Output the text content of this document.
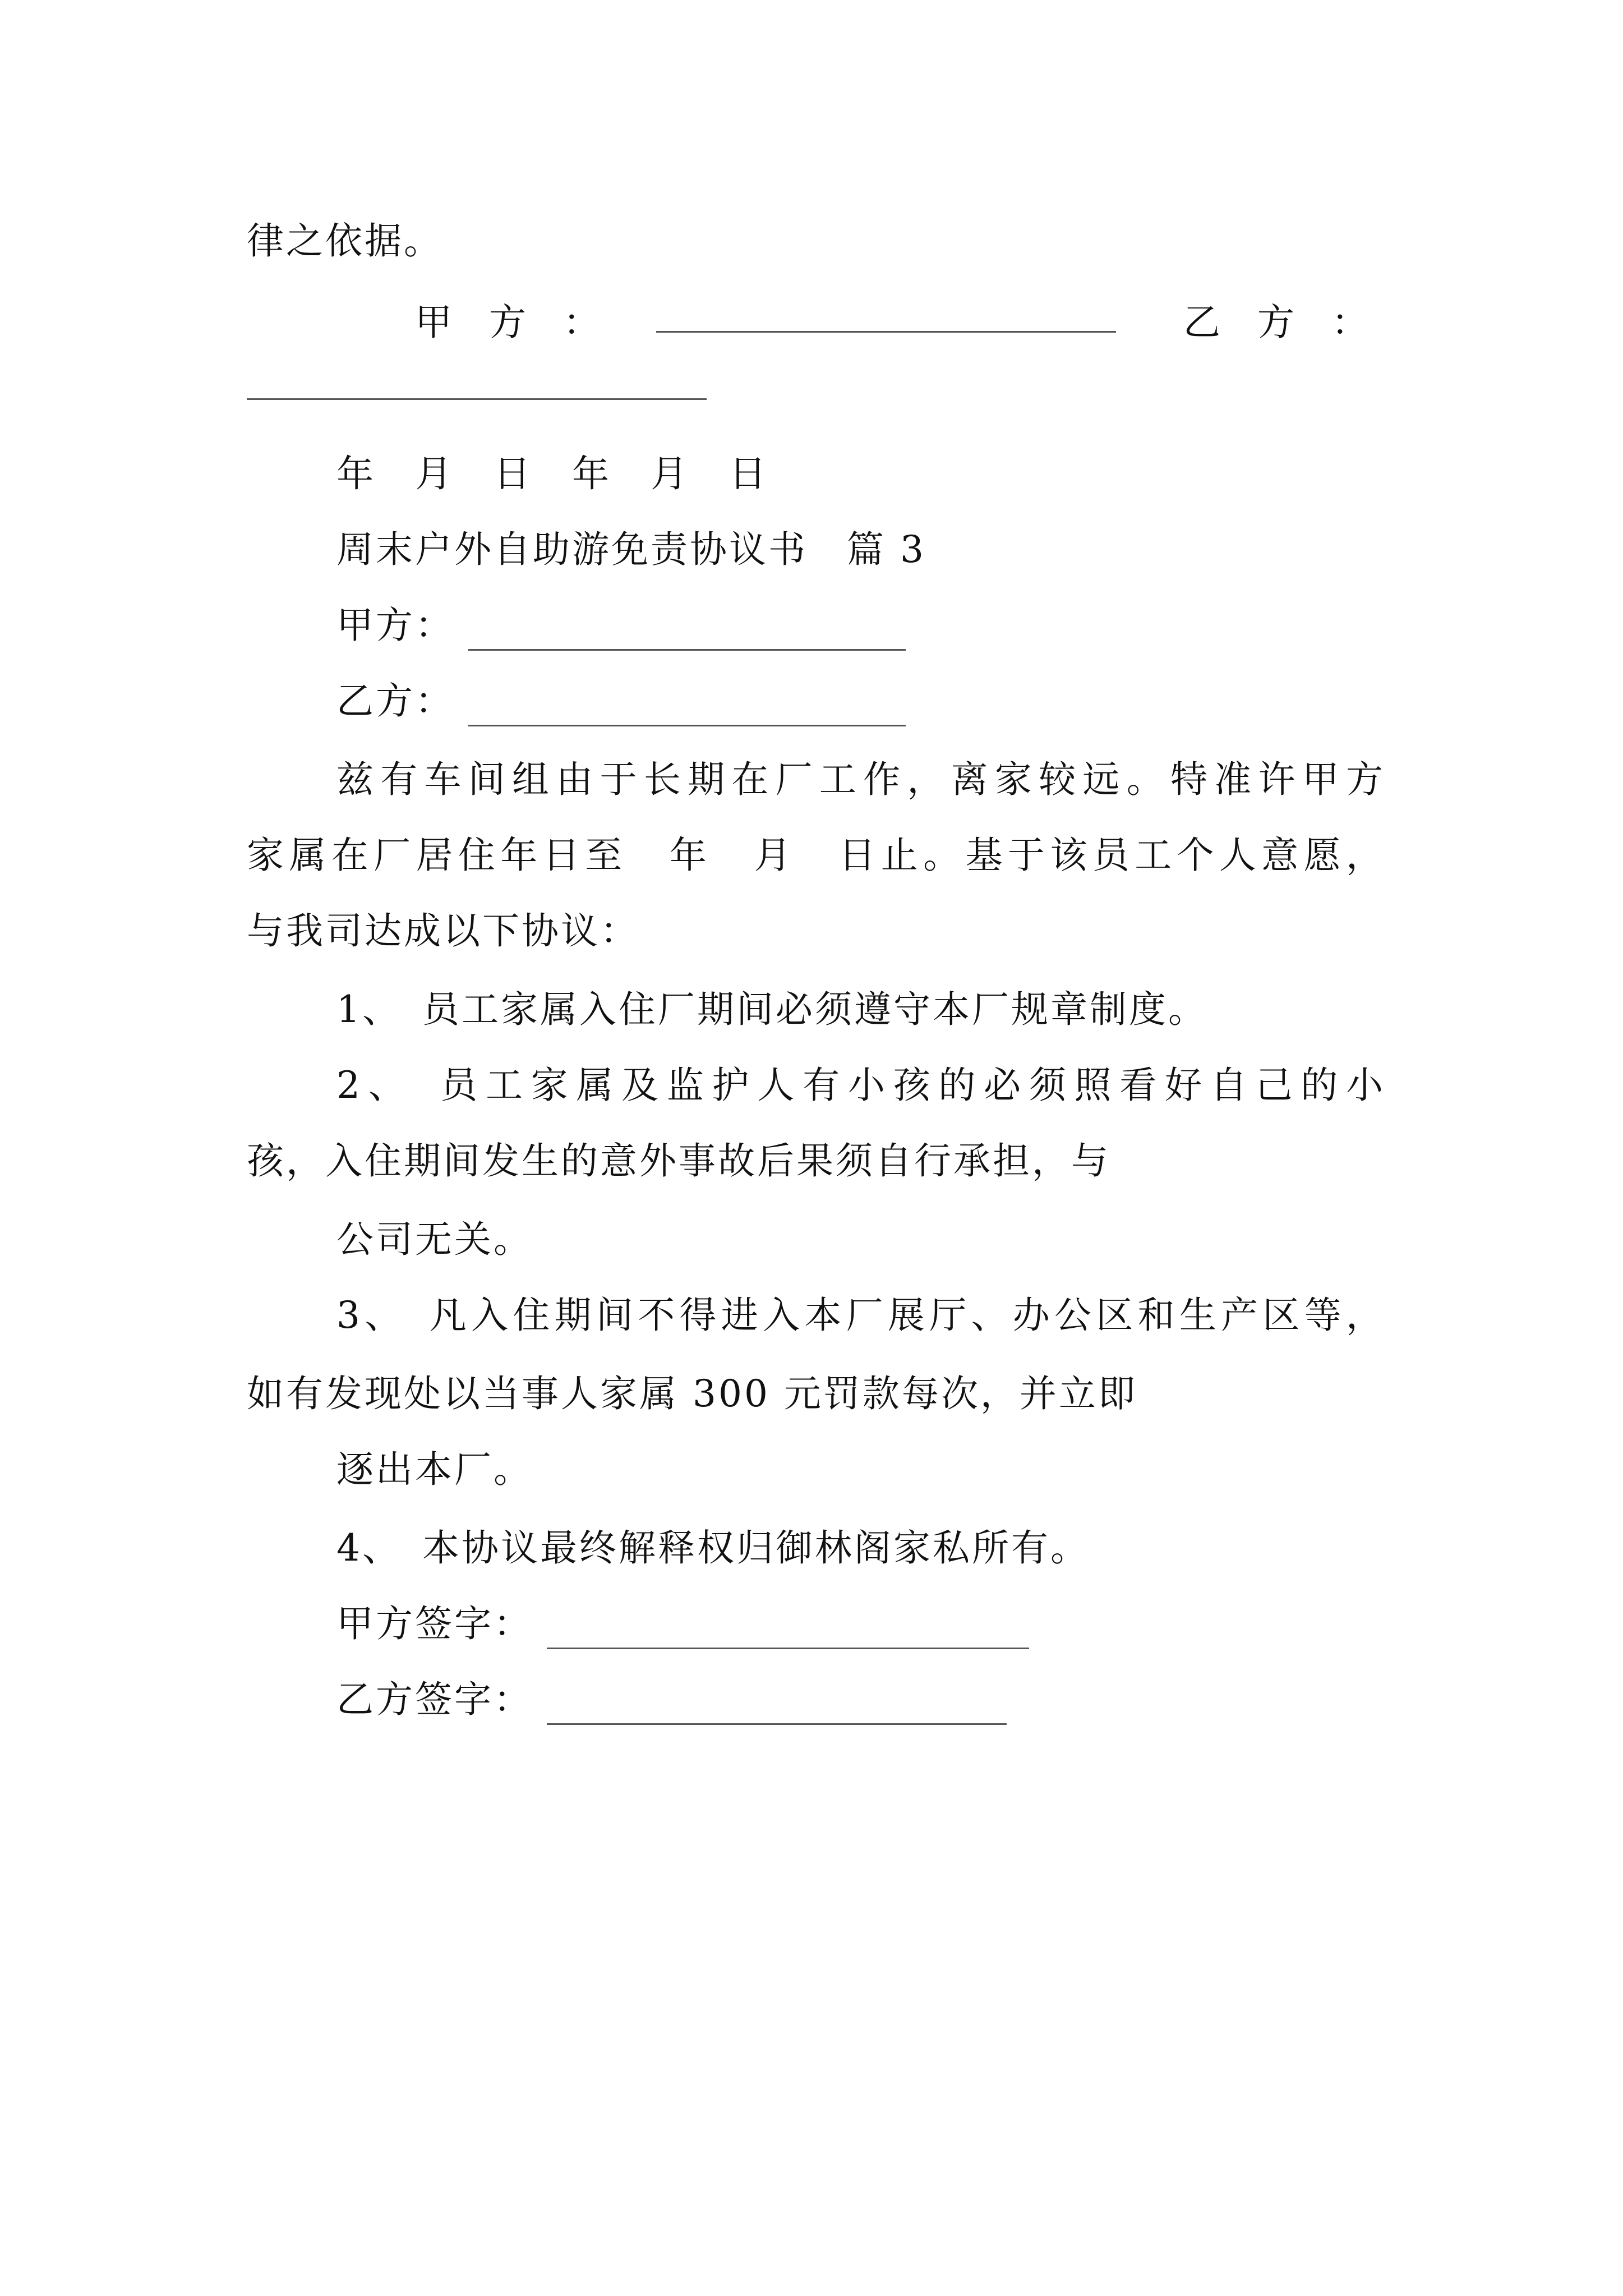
律之依据。
甲　方　：	乙　方　：
年　月　日　年　月　日
周末户外自助游免责协议书　篇 3
甲方：
乙方：
兹有车间组由于长期在厂工作，离家较远。特准许甲方
家属在厂居住年日至　年　月　日止。基于该员工个人意愿，
与我司达成以下协议：
1、　员工家属入住厂期间必须遵守本厂规章制度。
2、　员工家属及监护人有小孩的必须照看好自己的小
孩，入住期间发生的意外事故后果须自行承担，与
公司无关。
3、　凡入住期间不得进入本厂展厅、办公区和生产区等，
如有发现处以当事人家属 300 元罚款每次，并立即
逐出本厂。
4、　本协议最终解释权归御林阁家私所有。
甲方签字：
乙方签字：
